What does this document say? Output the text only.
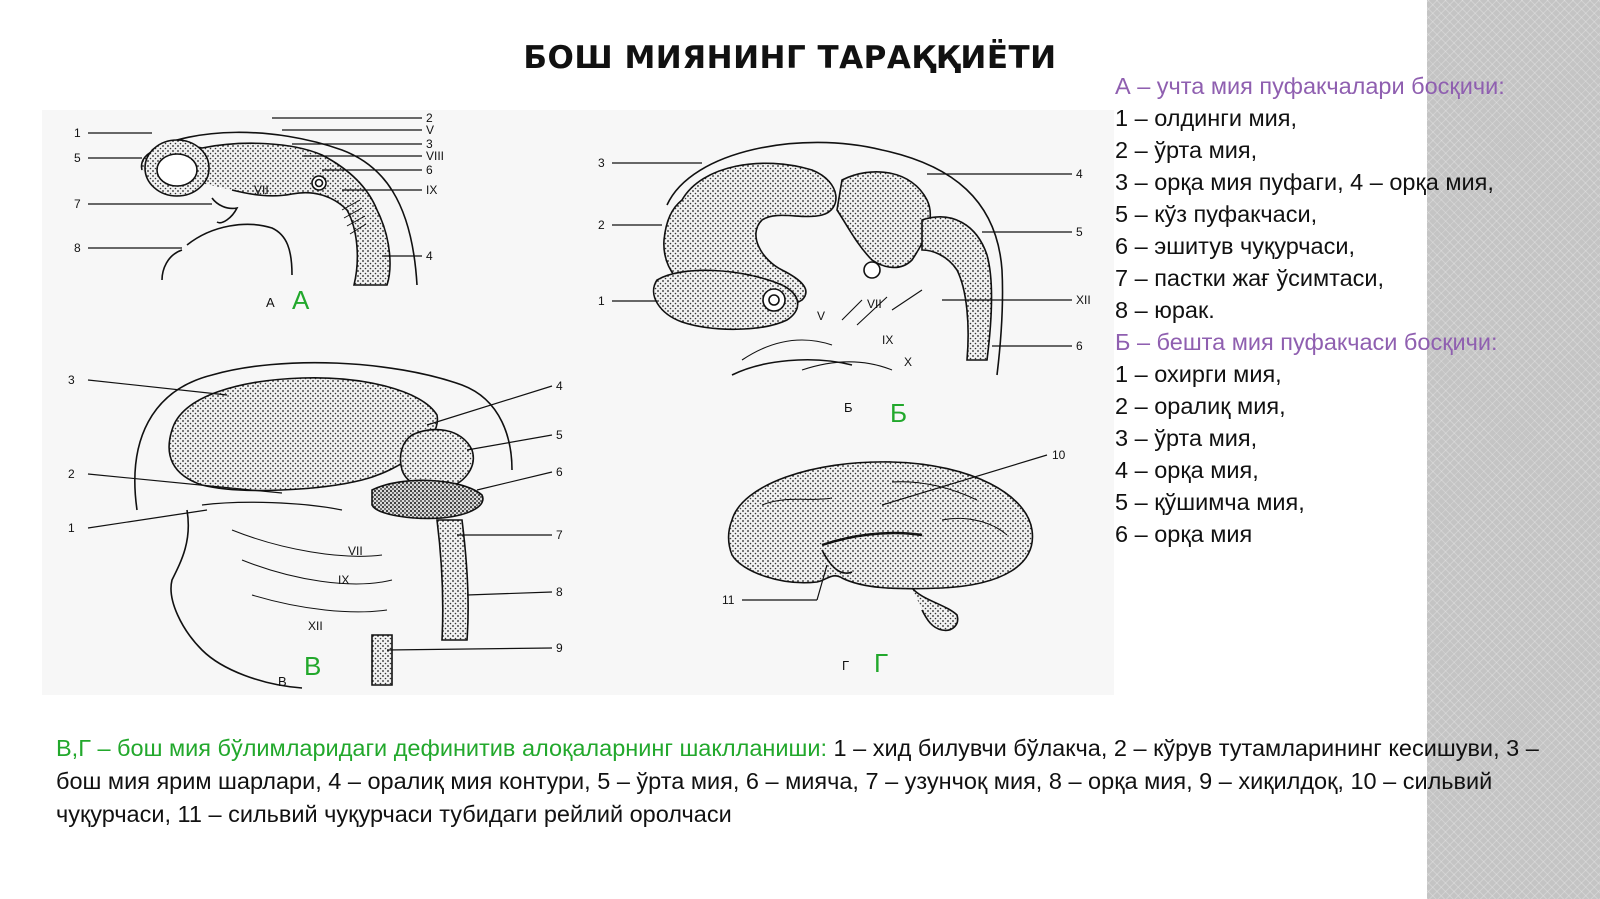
БОШ МИЯНИНГ ТАРАҚҚИЁТИ
1
2
V
3
VIII
6
IX
5
7
8
4
VII
А А
3
4
2	5
1	XII
6
V
VII
IX
X
Б Б
3	4
5
2	6
1	7
VII
IX
8
XII
9
В
В
10
11
Г Г
А – учта мия пуфакчалари босқичи:
1 – олдинги мия,
2 – ўрта мия,
3 – орқа мия пуфаги, 4 – орқа мия,
5 – кўз пуфакчаси,
6 – эшитув чуқурчаси,
7 – пастки жағ ўсимтаси,
8 – юрак.
Б – бешта мия пуфакчаси босқичи:
1 – охирги мия,
2 – оралиқ мия,
3 – ўрта мия,
4 – орқа мия,
5 – қўшимча мия,
6 – орқа мия
В,Г – бош мия бўлимларидаги дефинитив алоқаларнинг шаклланиши: 1 – хид билувчи бўлакча, 2 – кўрув тутамларининг кесишуви, 3 – бош мия ярим шарлари, 4 – оралиқ мия контури, 5 – ўрта мия, 6 – мияча, 7 – узунчоқ мия, 8 – орқа мия, 9 – хиқилдоқ, 10 – сильвий чуқурчаси, 11 – сильвий чуқурчаси тубидаги рейлий оролчаси
